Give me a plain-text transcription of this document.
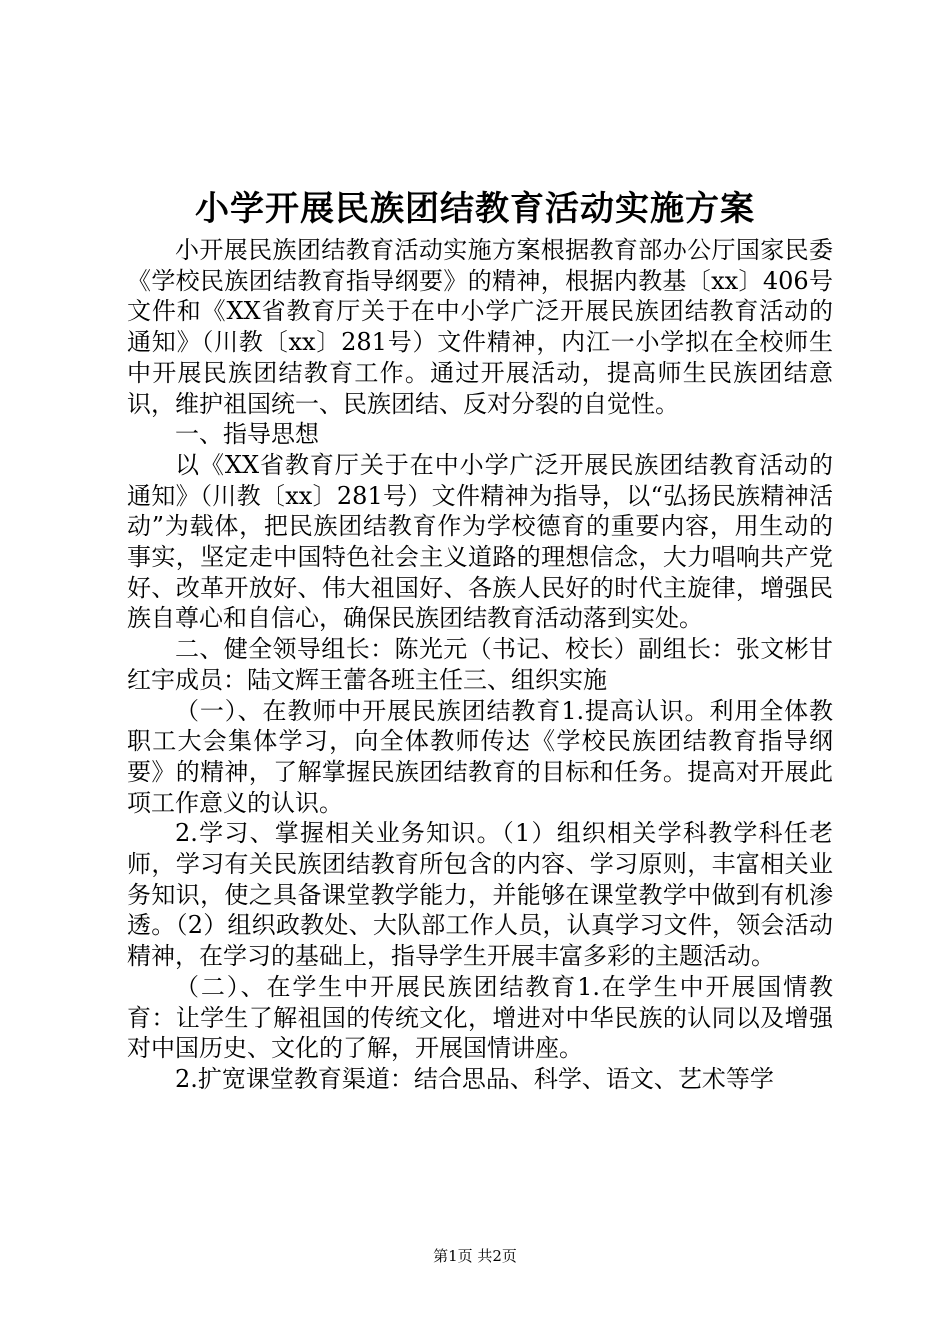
小学开展民族团结教育活动实施方案

小开展民族团结教育活动实施方案根据教育部办公厅国家民委《学校民族团结教育指导纲要》的精神，根据内教基〔xx〕406号文件和《XX省教育厅关于在中小学广泛开展民族团结教育活动的通知》（川教〔xx〕281号）文件精神，内江一小学拟在全校师生中开展民族团结教育工作。通过开展活动，提高师生民族团结意识，维护祖国统一、民族团结、反对分裂的自觉性。

一、指导思想

以《XX省教育厅关于在中小学广泛开展民族团结教育活动的通知》（川教〔xx〕281号）文件精神为指导，以“弘扬民族精神活动”为载体，把民族团结教育作为学校德育的重要内容，用生动的事实，坚定走中国特色社会主义道路的理想信念，大力唱响共产党好、改革开放好、伟大祖国好、各族人民好的时代主旋律，增强民族自尊心和自信心，确保民族团结教育活动落到实处。

二、健全领导组长：陈光元（书记、校长）副组长：张文彬甘红宇成员：陆文辉王蕾各班主任三、组织实施

（一）、在教师中开展民族团结教育1.提高认识。利用全体教职工大会集体学习，向全体教师传达《学校民族团结教育指导纲要》的精神，了解掌握民族团结教育的目标和任务。提高对开展此项工作意义的认识。

2.学习、掌握相关业务知识。（1）组织相关学科教学科任老师，学习有关民族团结教育所包含的内容、学习原则，丰富相关业务知识，使之具备课堂教学能力，并能够在课堂教学中做到有机渗透。（2）组织政教处、大队部工作人员，认真学习文件，领会活动精神，在学习的基础上，指导学生开展丰富多彩的主题活动。

（二）、在学生中开展民族团结教育1.在学生中开展国情教育：让学生了解祖国的传统文化，增进对中华民族的认同以及增强对中国历史、文化的了解，开展国情讲座。

2.扩宽课堂教育渠道：结合思品、科学、语文、艺术等学

第1页 共2页
